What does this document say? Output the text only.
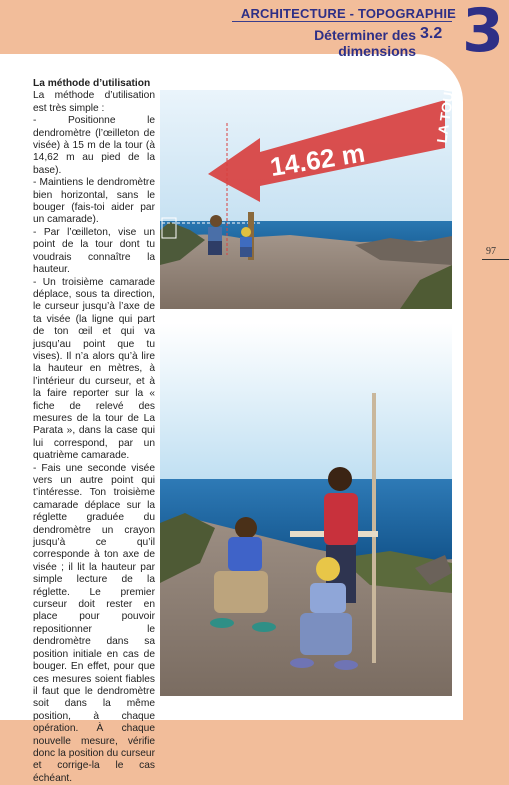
ARCHITECTURE - TOPOGRAPHIE
Déterminer des dimensions
3.2 3
97
La méthode d’utilisation

La méthode d’utilisation est très simple :

- Positionne le dendromètre (l’œilleton de visée) à 15 m de la tour (à 14,62 m au pied de la base).

- Maintiens le dendromètre bien horizontal, sans le bouger (fais-toi aider par un camarade).

- Par l’œilleton, vise un point de la tour dont tu voudrais connaître la hauteur.

- Un troisième camarade déplace, sous ta direction, le curseur jusqu’à l’axe de ta visée (la ligne qui part de ton œil et qui va jusqu’au point que tu vises). Il n’a alors qu’à lire la hauteur en mètres, à l’intérieur du curseur, et à la faire reporter sur la « fiche de relevé des mesures de la tour de La Parata », dans la case qui lui correspond, par un quatrième camarade.

- Fais une seconde visée vers un autre point qui t’intéresse. Ton troisième camarade déplace sur la réglette graduée du dendromètre un crayon jusqu’à ce qu’il corresponde à ton axe de visée ; il lit la hauteur par simple lecture de la réglette. Le premier curseur doit rester en place pour pouvoir repositionner le dendromètre dans sa position initiale en cas de bouger. En effet, pour que ces mesures soient fiables il faut que le dendromètre soit dans la même position, à chaque opération. À chaque nouvelle mesure, vérifie donc la position du curseur et corrige-la le cas échéant.

14.62 m
LA TOUR
